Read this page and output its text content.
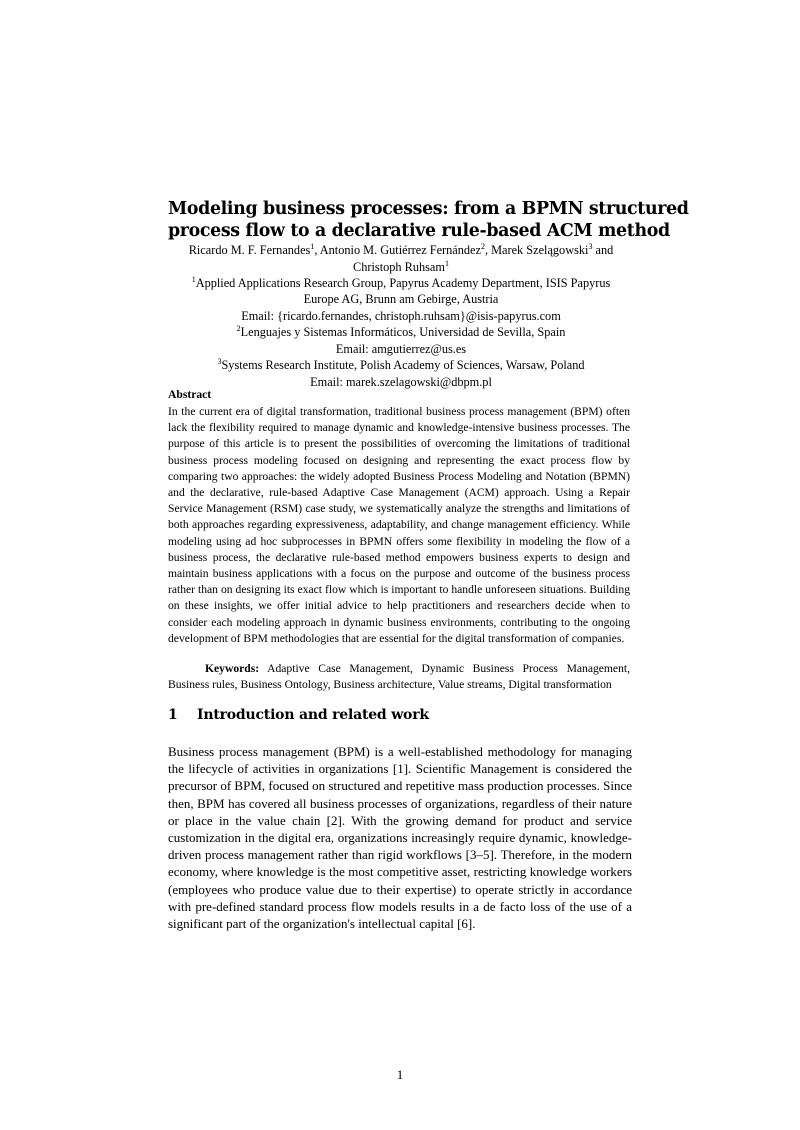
Modeling business processes: from a BPMN structured
process flow to a declarative rule-based ACM method
Ricardo M. F. Fernandes$^1$, Antonio M. Gutiérrez Fernández$^2$, Marek Szelągowski$^3$ and
Christoph Ruhsam$^1$
$^1$Applied Applications Research Group, Papyrus Academy Department, ISIS Papyrus
Europe AG, Brunn am Gebirge, Austria
Email: {ricardo.fernandes, christoph.ruhsam}@isis-papyrus.com
$^2$Lenguajes y Sistemas Informáticos, Universidad de Sevilla, Spain
Email: amgutierrez@us.es
$^3$Systems Research Institute, Polish Academy of Sciences, Warsaw, Poland
Email: marek.szelagowski@dbpm.pl
Abstract

In the current era of digital transformation, traditional business process management (BPM) often lack the flexibility required to manage dynamic and knowledge-intensive business processes. The purpose of this article is to present the possibilities of overcoming the limitations of traditional business process modeling focused on designing and representing the exact process flow by comparing two approaches: the widely adopted Business Process Modeling and Notation (BPMN) and the declarative, rule-based Adaptive Case Management (ACM) approach. Using a Repair Service Management (RSM) case study, we systematically analyze the strengths and limitations of both approaches regarding expressiveness, adaptability, and change management efficiency. While modeling using ad hoc subprocesses in BPMN offers some flexibility in modeling the flow of a business process, the declarative rule-based method empowers business experts to design and maintain business applications with a focus on the purpose and outcome of the business process rather than on designing its exact flow which is important to handle unforeseen situations. Building on these insights, we offer initial advice to help practitioners and researchers decide when to consider each modeling approach in dynamic business environments, contributing to the ongoing development of BPM methodologies that are essential for the digital transformation of companies.

Keywords: Adaptive Case Management, Dynamic Business Process Management, Business rules, Business Ontology, Business architecture, Value streams, Digital transformation

1 Introduction and related work

Business process management (BPM) is a well-established methodology for managing the lifecycle of activities in organizations [1]. Scientific Management is considered the precursor of BPM, focused on structured and repetitive mass production processes. Since then, BPM has covered all business processes of organizations, regardless of their nature or place in the value chain [2]. With the growing demand for product and service customization in the digital era, organizations increasingly require dynamic, knowledge-driven process management rather than rigid workflows [3–5]. Therefore, in the modern economy, where knowledge is the most competitive asset, restricting knowledge workers (employees who produce value due to their expertise) to operate strictly in accordance with pre-defined standard process flow models results in a de facto loss of the use of a significant part of the organization's intellectual capital [6].

1
